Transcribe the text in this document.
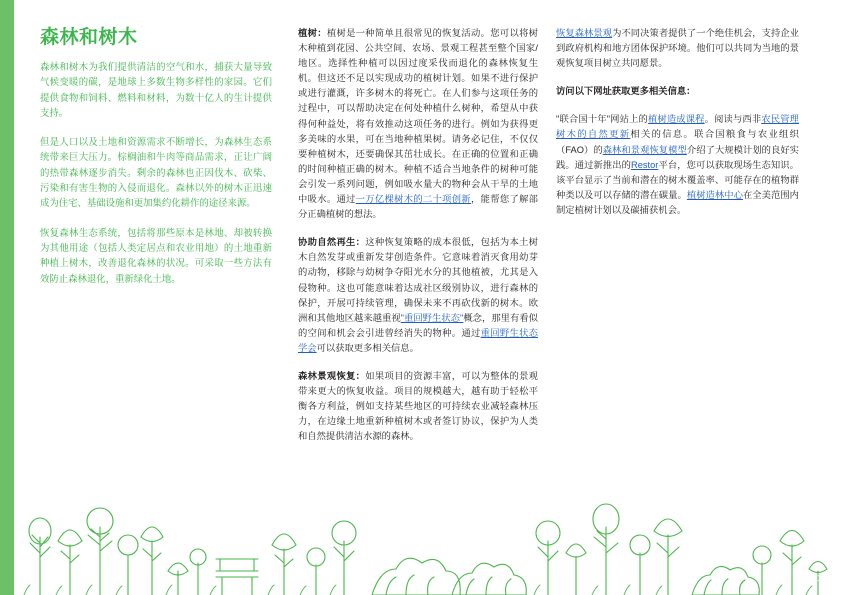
森林和树木

森林和树木为我们提供清洁的空气和水，捕获大量导致气候变暖的碳，是地球上多数生物多样性的家园。它们提供食物和饲料、燃料和材料，为数十亿人的生计提供支持。

但是人口以及土地和资源需求不断增长，为森林生态系统带来巨大压力。棕榈油和牛肉等商品需求，正让广阔的热带森林逐步消失。剩余的森林也正因伐木、砍柴、污染和有害生物的入侵而退化。森林以外的树木正迅速成为住宅、基础设施和更加集约化耕作的途径来源。

恢复森林生态系统，包括将那些原本是林地、却被转换为其他用途（包括人类定居点和农业用地）的土地重新种植上树木，改善退化森林的状况。可采取一些方法有效防止森林退化，重新绿化土地。

植树：植树是一种简单且很常见的恢复活动。您可以将树木种植到花园、公共空间、农场、景观工程甚至整个国家/地区。选择性种植可以因过度采伐而退化的森林恢复生机。但这还不足以实现成功的植树计划。如果不进行保护或进行灌溉，许多树木的将死亡。在人们参与这项任务的过程中，可以帮助决定在何处种植什么树种，希望从中获得何种益处，将有效推动这项任务的进行。例如为获得更多美味的水果，可在当地种植果树。请务必记住，不仅仅要种植树木，还要确保其茁壮成长。在正确的位置和正确的时间种植正确的树木。种植不适合当地条件的树种可能会引发一系列问题，例如吸水量大的物种会从干旱的土地中吸水。通过一万亿棵树木的二十项创新，能帮您了解部分正确植树的想法。

协助自然再生：这种恢复策略的成本很低，包括为本土树木自然发芽或重新发芽创造条件。它意味着消灭食用幼芽的动物，移除与幼树争夺阳光水分的其他植被，尤其是入侵物种。这也可能意味着达成社区级别协议，进行森林的保护，开展可持续管理，确保未来不再砍伐新的树木。欧洲和其他地区越来越重视"重回野生状态"概念，那里有看似的空间和机会会引进曾经消失的物种。通过重回野生状态学会可以获取更多相关信息。

森林景观恢复：如果项目的资源丰富，可以为整体的景观带来更大的恢复收益。项目的规模越大，越有助于轻松平衡各方利益，例如支持某些地区的可持续农业减轻森林压力，在边缘土地重新种植树木或者签订协议，保护为人类和自然提供清洁水源的森林。

恢复森林景观为不同决策者提供了一个绝佳机会，支持企业到政府机构和地方团体保护环境。他们可以共同为当地的景观恢复项目树立共同愿景。

访问以下网址获取更多相关信息：

"联合国十年"网站上的植树造成课程。阅读与西非农民管理树木的自然更新相关的信息。联合国粮食与农业组织（FAO）的森林和景观恢复模型介绍了大规模计划的良好实践。通过新推出的Restor平台，您可以获取现场生态知识。该平台显示了当前和潜在的树木覆盖率、可能存在的植物群种类以及可以存储的潜在碳量。植树造林中心在全美范围内制定植树计划以及碳捕获机会。

12
